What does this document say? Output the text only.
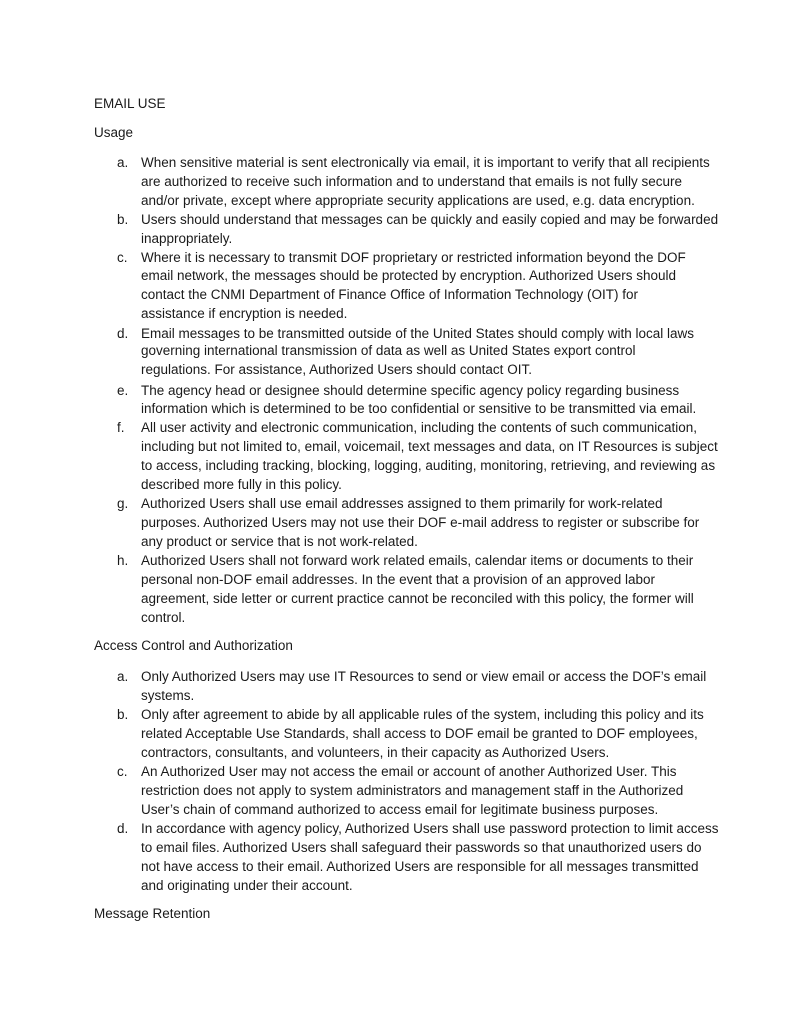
EMAIL USE
Usage
a. When sensitive material is sent electronically via email, it is important to verify that all recipients
are authorized to receive such information and to understand that emails is not fully secure
and/or private, except where appropriate security applications are used, e.g. data encryption.
b. Users should understand that messages can be quickly and easily copied and may be forwarded
inappropriately.
c. Where it is necessary to transmit DOF proprietary or restricted information beyond the DOF
email network, the messages should be protected by encryption. Authorized Users should
contact the CNMI Department of Finance Office of Information Technology (OIT) for
assistance if encryption is needed.
d. Email messages to be transmitted outside of the United States should comply with local laws
governing international transmission of data as well as United States export control
regulations. For assistance, Authorized Users should contact OIT.
e. The agency head or designee should determine specific agency policy regarding business
information which is determined to be too confidential or sensitive to be transmitted via email.
f. All user activity and electronic communication, including the contents of such communication,
including but not limited to, email, voicemail, text messages and data, on IT Resources is subject
to access, including tracking, blocking, logging, auditing, monitoring, retrieving, and reviewing as
described more fully in this policy.
g. Authorized Users shall use email addresses assigned to them primarily for work-related
purposes. Authorized Users may not use their DOF e-mail address to register or subscribe for
any product or service that is not work-related.
h. Authorized Users shall not forward work related emails, calendar items or documents to their
personal non-DOF email addresses. In the event that a provision of an approved labor
agreement, side letter or current practice cannot be reconciled with this policy, the former will
control.
Access Control and Authorization
a. Only Authorized Users may use IT Resources to send or view email or access the DOF’s email
systems.
b. Only after agreement to abide by all applicable rules of the system, including this policy and its
related Acceptable Use Standards, shall access to DOF email be granted to DOF employees,
contractors, consultants, and volunteers, in their capacity as Authorized Users.
c. An Authorized User may not access the email or account of another Authorized User. This
restriction does not apply to system administrators and management staff in the Authorized
User’s chain of command authorized to access email for legitimate business purposes.
d. In accordance with agency policy, Authorized Users shall use password protection to limit access
to email files. Authorized Users shall safeguard their passwords so that unauthorized users do
not have access to their email. Authorized Users are responsible for all messages transmitted
and originating under their account.
Message Retention
